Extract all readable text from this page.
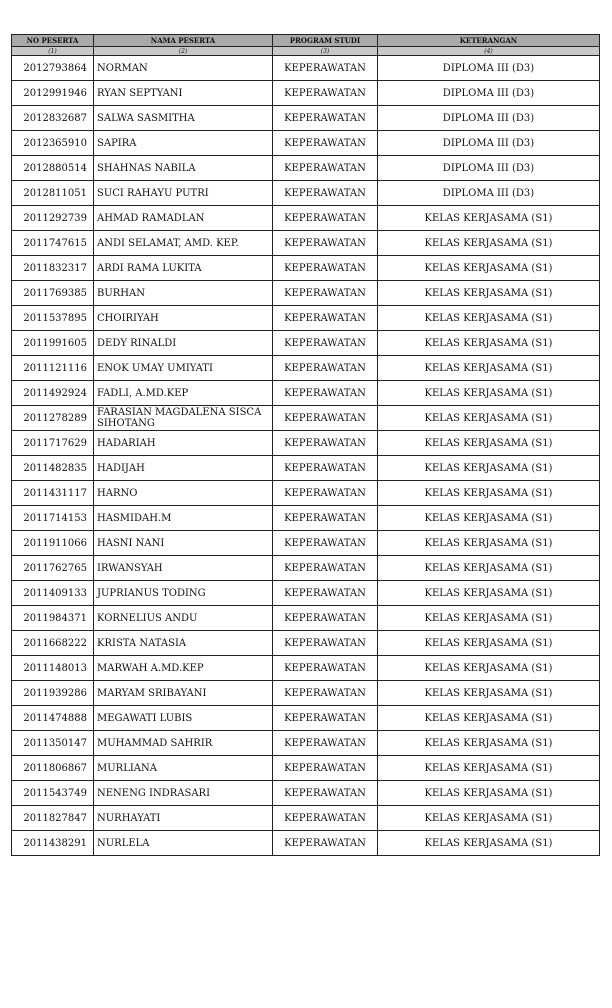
NO PESERTA	NAMA PESERTA	PROGRAM STUDI	KETERANGAN
(1)	(2)	(3)	(4)
2012793864	NORMAN	KEPERAWATAN	DIPLOMA III (D3)
2012991946	RYAN SEPTYANI	KEPERAWATAN	DIPLOMA III (D3)
2012832687	SALWA SASMITHA	KEPERAWATAN	DIPLOMA III (D3)
2012365910	SAPIRA	KEPERAWATAN	DIPLOMA III (D3)
2012880514	SHAHNAS NABILA	KEPERAWATAN	DIPLOMA III (D3)
2012811051	SUCI RAHAYU PUTRI	KEPERAWATAN	DIPLOMA III (D3)
2011292739	AHMAD RAMADLAN	KEPERAWATAN	KELAS KERJASAMA (S1)
2011747615	ANDI SELAMAT, AMD. KEP.	KEPERAWATAN	KELAS KERJASAMA (S1)
2011832317	ARDI RAMA LUKITA	KEPERAWATAN	KELAS KERJASAMA (S1)
2011769385	BURHAN	KEPERAWATAN	KELAS KERJASAMA (S1)
2011537895	CHOIRIYAH	KEPERAWATAN	KELAS KERJASAMA (S1)
2011991605	DEDY RINALDI	KEPERAWATAN	KELAS KERJASAMA (S1)
2011121116	ENOK UMAY UMIYATI	KEPERAWATAN	KELAS KERJASAMA (S1)
2011492924	FADLI, A.MD.KEP	KEPERAWATAN	KELAS KERJASAMA (S1)
2011278289	FARASIAN MAGDALENA SISCA SIHOTANG	KEPERAWATAN	KELAS KERJASAMA (S1)
2011717629	HADARIAH	KEPERAWATAN	KELAS KERJASAMA (S1)
2011482835	HADIJAH	KEPERAWATAN	KELAS KERJASAMA (S1)
2011431117	HARNO	KEPERAWATAN	KELAS KERJASAMA (S1)
2011714153	HASMIDAH.M	KEPERAWATAN	KELAS KERJASAMA (S1)
2011911066	HASNI NANI	KEPERAWATAN	KELAS KERJASAMA (S1)
2011762765	IRWANSYAH	KEPERAWATAN	KELAS KERJASAMA (S1)
2011409133	JUPRIANUS TODING	KEPERAWATAN	KELAS KERJASAMA (S1)
2011984371	KORNELIUS ANDU	KEPERAWATAN	KELAS KERJASAMA (S1)
2011668222	KRISTA NATASIA	KEPERAWATAN	KELAS KERJASAMA (S1)
2011148013	MARWAH A.MD.KEP	KEPERAWATAN	KELAS KERJASAMA (S1)
2011939286	MARYAM SRIBAYANI	KEPERAWATAN	KELAS KERJASAMA (S1)
2011474888	MEGAWATI LUBIS	KEPERAWATAN	KELAS KERJASAMA (S1)
2011350147	MUHAMMAD SAHRIR	KEPERAWATAN	KELAS KERJASAMA (S1)
2011806867	MURLIANA	KEPERAWATAN	KELAS KERJASAMA (S1)
2011543749	NENENG INDRASARI	KEPERAWATAN	KELAS KERJASAMA (S1)
2011827847	NURHAYATI	KEPERAWATAN	KELAS KERJASAMA (S1)
2011438291	NURLELA	KEPERAWATAN	KELAS KERJASAMA (S1)
